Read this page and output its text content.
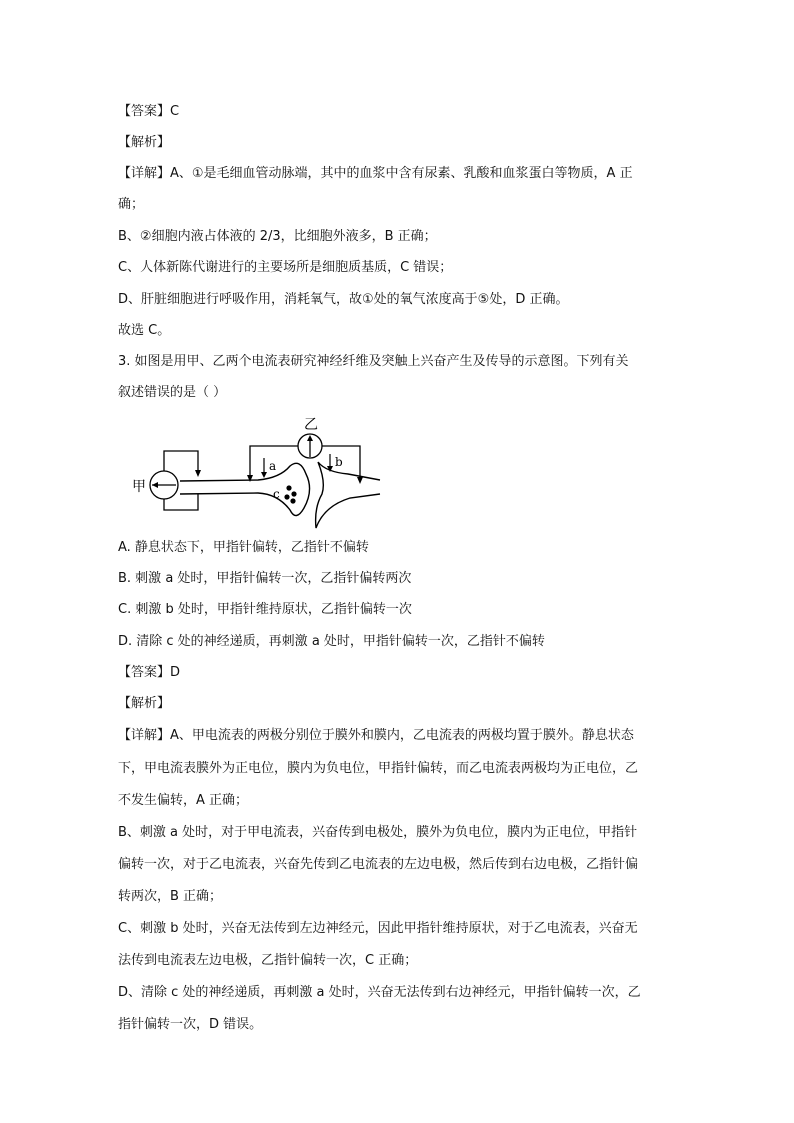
【答案】C
【解析】
【详解】A、①是毛细血管动脉端，其中的血浆中含有尿素、乳酸和血浆蛋白等物质，A 正
确；
B、②细胞内液占体液的 2/3，比细胞外液多，B 正确；
C、人体新陈代谢进行的主要场所是细胞质基质，C 错误；
D、肝脏细胞进行呼吸作用，消耗氧气，故①处的氧气浓度高于⑤处，D 正确。
故选 C。
3. 如图是用甲、乙两个电流表研究神经纤维及突触上兴奋产生及传导的示意图。下列有关
叙述错误的是（ ）
甲	c
乙
a	b
A. 静息状态下，甲指针偏转，乙指针不偏转
B. 刺激 a 处时，甲指针偏转一次，乙指针偏转两次
C. 刺激 b 处时，甲指针维持原状，乙指针偏转一次
D. 清除 c 处的神经递质，再刺激 a 处时，甲指针偏转一次，乙指针不偏转
【答案】D
【解析】
【详解】A、甲电流表的两极分别位于膜外和膜内，乙电流表的两极均置于膜外。静息状态
下，甲电流表膜外为正电位，膜内为负电位，甲指针偏转，而乙电流表两极均为正电位，乙
不发生偏转，A 正确；
B、刺激 a 处时，对于甲电流表，兴奋传到电极处，膜外为负电位，膜内为正电位，甲指针
偏转一次，对于乙电流表，兴奋先传到乙电流表的左边电极，然后传到右边电极，乙指针偏
转两次，B 正确；
C、刺激 b 处时，兴奋无法传到左边神经元，因此甲指针维持原状，对于乙电流表，兴奋无
法传到电流表左边电极，乙指针偏转一次，C 正确；
D、清除 c 处的神经递质，再刺激 a 处时，兴奋无法传到右边神经元，甲指针偏转一次，乙
指针偏转一次，D 错误。
